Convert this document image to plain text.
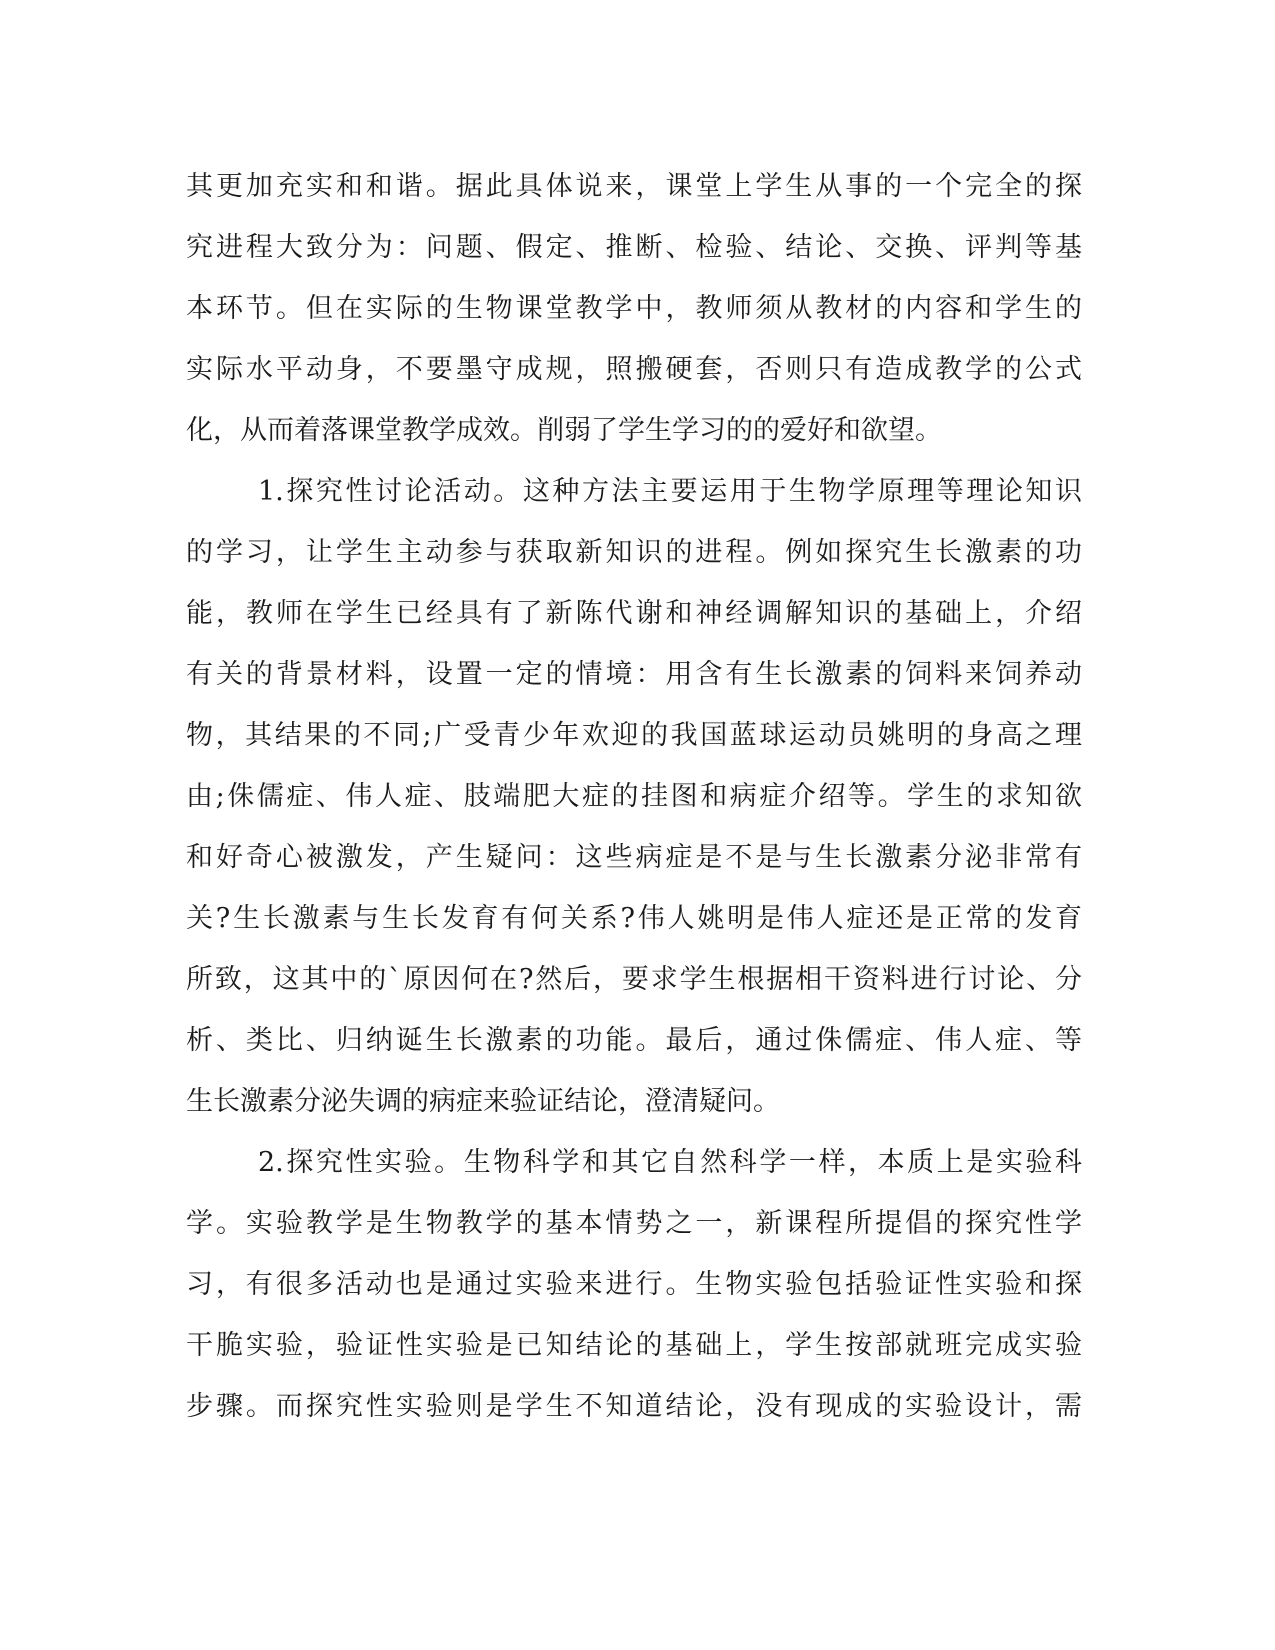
其更加充实和和谐。据此具体说来，课堂上学生从事的一个完全的探
究进程大致分为：问题、假定、推断、检验、结论、交换、评判等基
本环节。但在实际的生物课堂教学中，教师须从教材的内容和学生的
实际水平动身，不要墨守成规，照搬硬套，否则只有造成教学的公式
化，从而着落课堂教学成效。削弱了学生学习的的爱好和欲望。
1.探究性讨论活动。这种方法主要运用于生物学原理等理论知识
的学习，让学生主动参与获取新知识的进程。例如探究生长激素的功
能，教师在学生已经具有了新陈代谢和神经调解知识的基础上，介绍
有关的背景材料，设置一定的情境：用含有生长激素的饲料来饲养动
物，其结果的不同;广受青少年欢迎的我国蓝球运动员姚明的身高之理
由;侏儒症、伟人症、肢端肥大症的挂图和病症介绍等。学生的求知欲
和好奇心被激发，产生疑问：这些病症是不是与生长激素分泌非常有
关?生长激素与生长发育有何关系?伟人姚明是伟人症还是正常的发育
所致，这其中的`原因何在?然后，要求学生根据相干资料进行讨论、分
析、类比、归纳诞生长激素的功能。最后，通过侏儒症、伟人症、等
生长激素分泌失调的病症来验证结论，澄清疑问。
2.探究性实验。生物科学和其它自然科学一样，本质上是实验科
学。实验教学是生物教学的基本情势之一，新课程所提倡的探究性学
习，有很多活动也是通过实验来进行。生物实验包括验证性实验和探
干脆实验，验证性实验是已知结论的基础上，学生按部就班完成实验
步骤。而探究性实验则是学生不知道结论，没有现成的实验设计，需
